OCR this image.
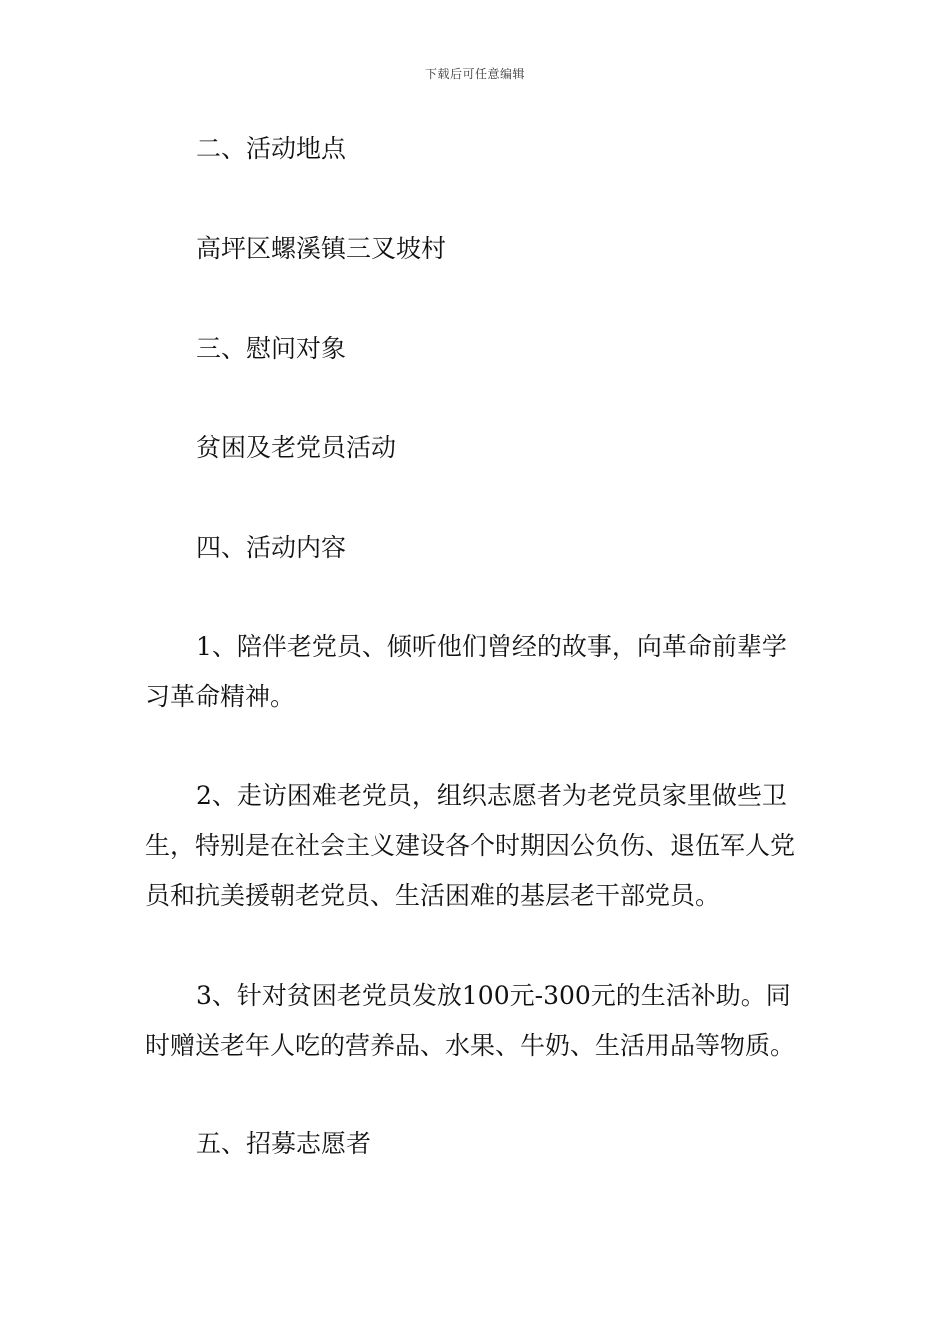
下载后可任意编辑

二、活动地点

高坪区螺溪镇三叉坡村

三、慰问对象

贫困及老党员活动

四、活动内容

1、陪伴老党员、倾听他们曾经的故事，向革命前辈学习革命精神。

2、走访困难老党员，组织志愿者为老党员家里做些卫生，特别是在社会主义建设各个时期因公负伤、退伍军人党员和抗美援朝老党员、生活困难的基层老干部党员。

3、针对贫困老党员发放100元-300元的生活补助。同时赠送老年人吃的营养品、水果、牛奶、生活用品等物质。

五、招募志愿者
